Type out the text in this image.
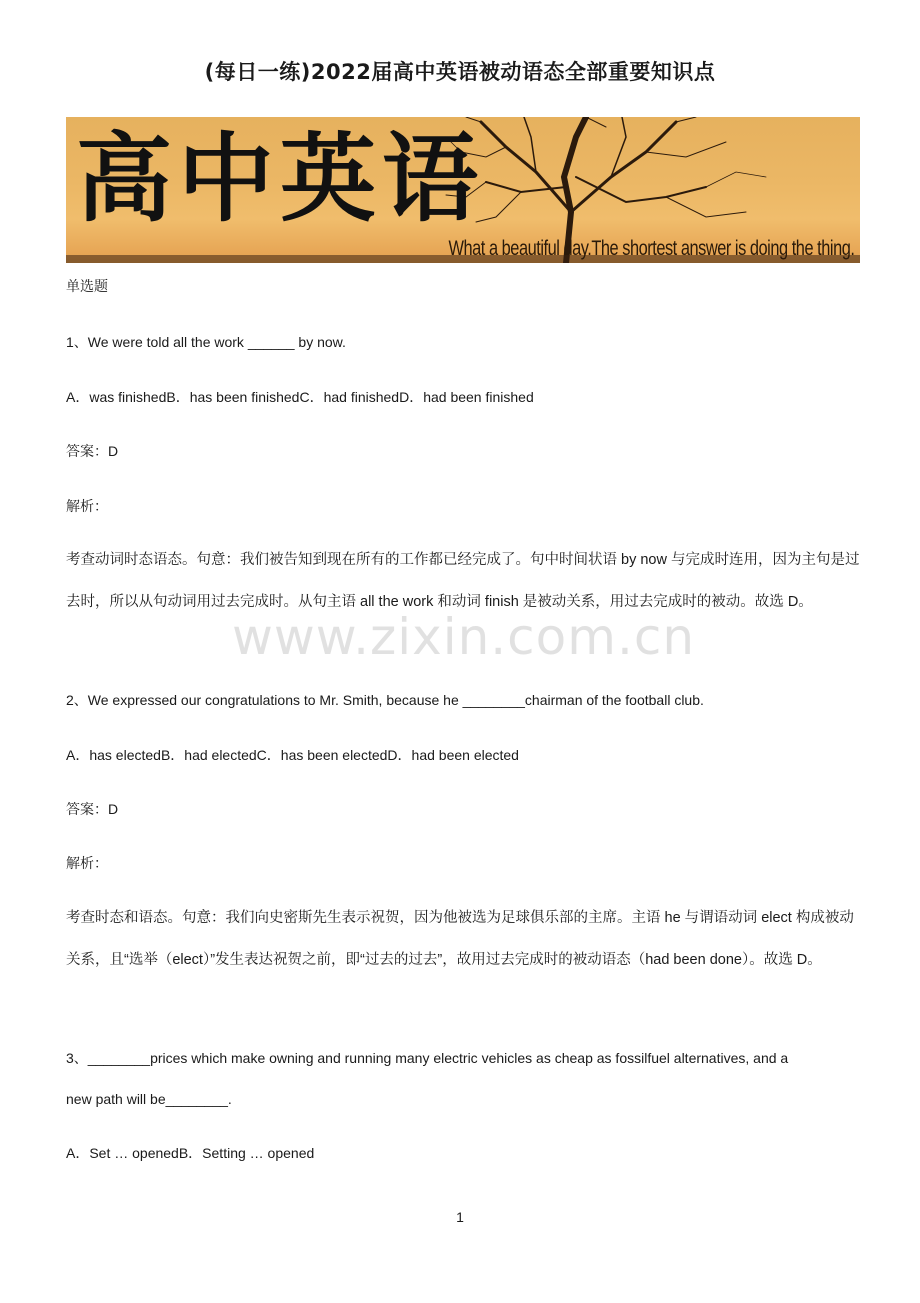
(每日一练)2022届高中英语被动语态全部重要知识点
高中英语
What a beautiful day.The shortest answer is doing the thing.
单选题
1、We were told all the work ______ by now.
A．was finishedB．has been finishedC．had finishedD．had been finished
答案：D
解析：
考查动词时态语态。句意：我们被告知到现在所有的工作都已经完成了。句中时间状语 by now 与完成时连用，因为主句是过去时，所以从句动词用过去完成时。从句主语 all the work 和动词 finish 是被动关系，用过去完成时的被动。故选 D。
2、We expressed our congratulations to Mr. Smith, because he ________chairman of the football club.
A．has electedB．had electedC．has been electedD．had been elected
答案：D
解析：
考查时态和语态。句意：我们向史密斯先生表示祝贺，因为他被选为足球俱乐部的主席。主语 he 与谓语动词 elect 构成被动关系，且“选举（elect）”发生表达祝贺之前，即“过去的过去”，故用过去完成时的被动语态（had been done）。故选 D。
3、________prices which make owning and running many electric vehicles as cheap as fossilfuel alternatives, and a
new path will be________.
A．Set … openedB．Setting … opened
www.zixin.com.cn
1
